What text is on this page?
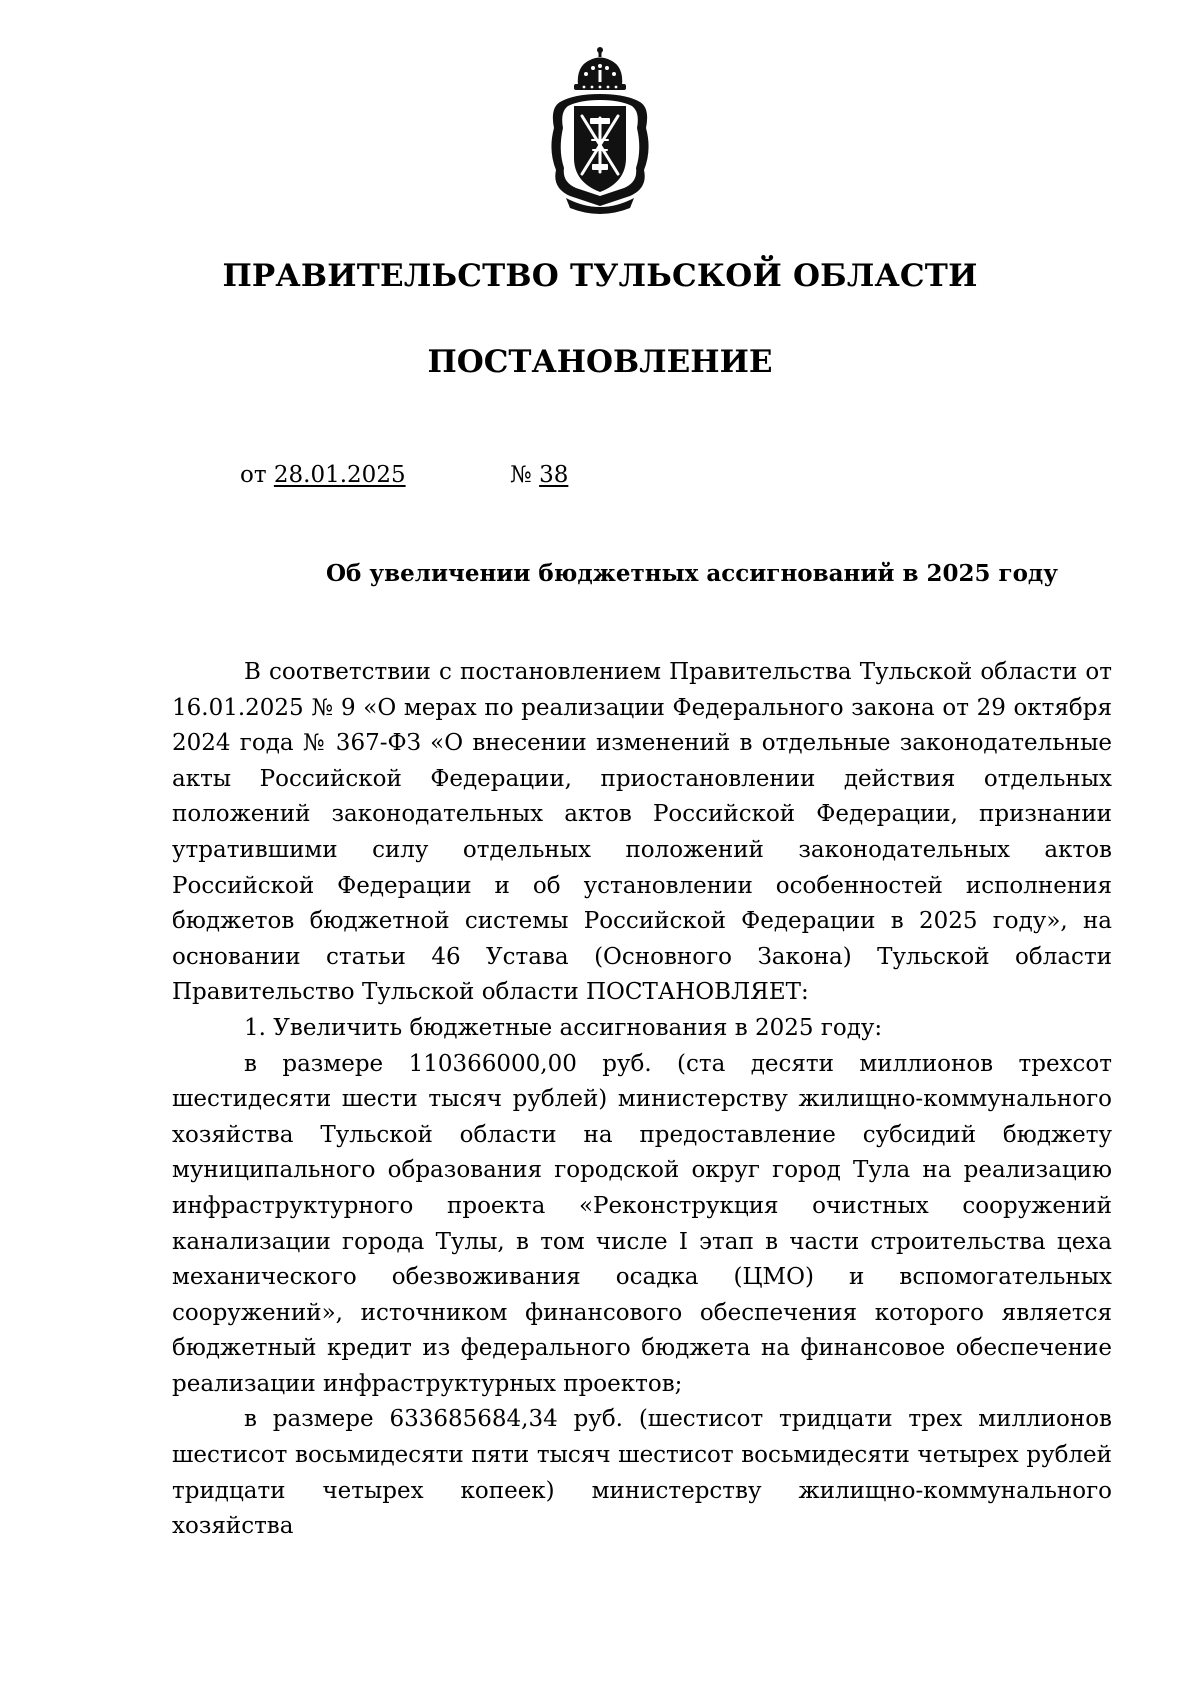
ПРАВИТЕЛЬСТВО ТУЛЬСКОЙ ОБЛАСТИ
ПОСТАНОВЛЕНИЕ
от 28.01.2025	№ 38
Об увеличении бюджетных ассигнований в 2025 году

В соответствии с постановлением Правительства Тульской области от 16.01.2025 № 9 «О мерах по реализации Федерального закона от 29 октября 2024 года № 367-ФЗ «О внесении изменений в отдельные законодательные акты Российской Федерации, приостановлении действия отдельных положений законодательных актов Российской Федерации, признании утратившими силу отдельных положений законодательных актов Российской Федерации и об установлении особенностей исполнения бюджетов бюджетной системы Российской Федерации в 2025 году», на основании статьи 46 Устава (Основного Закона) Тульской области Правительство Тульской области ПОСТАНОВЛЯЕТ:

1. Увеличить бюджетные ассигнования в 2025 году:

в размере 110366000,00 руб. (ста десяти миллионов трехсот шестидесяти шести тысяч рублей) министерству жилищно-коммунального хозяйства Тульской области на предоставление субсидий бюджету муниципального образования городской округ город Тула на реализацию инфраструктурного проекта «Реконструкция очистных сооружений канализации города Тулы, в том числе I этап в части строительства цеха механического обезвоживания осадка (ЦМО) и вспомогательных сооружений», источником финансового обеспечения которого является бюджетный кредит из федерального бюджета на финансовое обеспечение реализации инфраструктурных проектов;

в размере 633685684,34 руб. (шестисот тридцати трех миллионов шестисот восьмидесяти пяти тысяч шестисот восьмидесяти четырех рублей тридцати четырех копеек) министерству жилищно-коммунального хозяйства
